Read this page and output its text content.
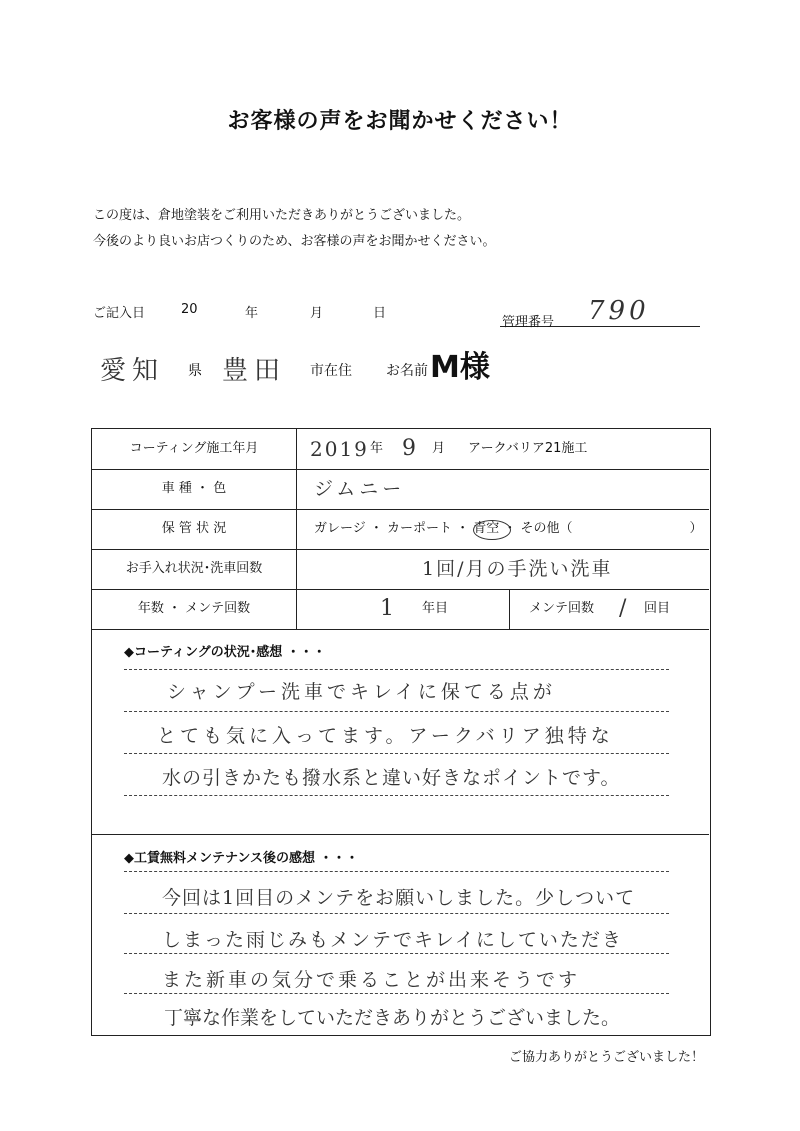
お客様の声をお聞かせください！
この度は、倉地塗装をご利用いただきありがとうございました。
今後のより良いお店つくりのため、お客様の声をお聞かせください。
ご記入日	20	年	月	日
管理番号 790
愛知 県 豊田 市在住 お名前 M様
コーティング施工年月	2019 年 9 月 アークバリア21施工
車 種 ・ 色	ジムニー
保 管 状 況	ガレージ ・ カーポート ・ 青空 ・ その他（　　　　　　　　　）
お手入れ状況･洗車回数	1回/月の手洗い洗車
年数 ・ メンテ回数	1 年目	メンテ回数 / 回目
◆コーティングの状況･感想 ・・・
シャンプー洗車でキレイに保てる点が
とても気に入ってます。アークバリア独特な
水の引きかたも撥水系と違い好きなポイントです。
◆工賃無料メンテナンス後の感想 ・・・
今回は1回目のメンテをお願いしました。少しついて
しまった雨じみもメンテでキレイにしていただき
また新車の気分で乗ることが出来そうです
丁寧な作業をしていただきありがとうございました。
ご協力ありがとうございました！
